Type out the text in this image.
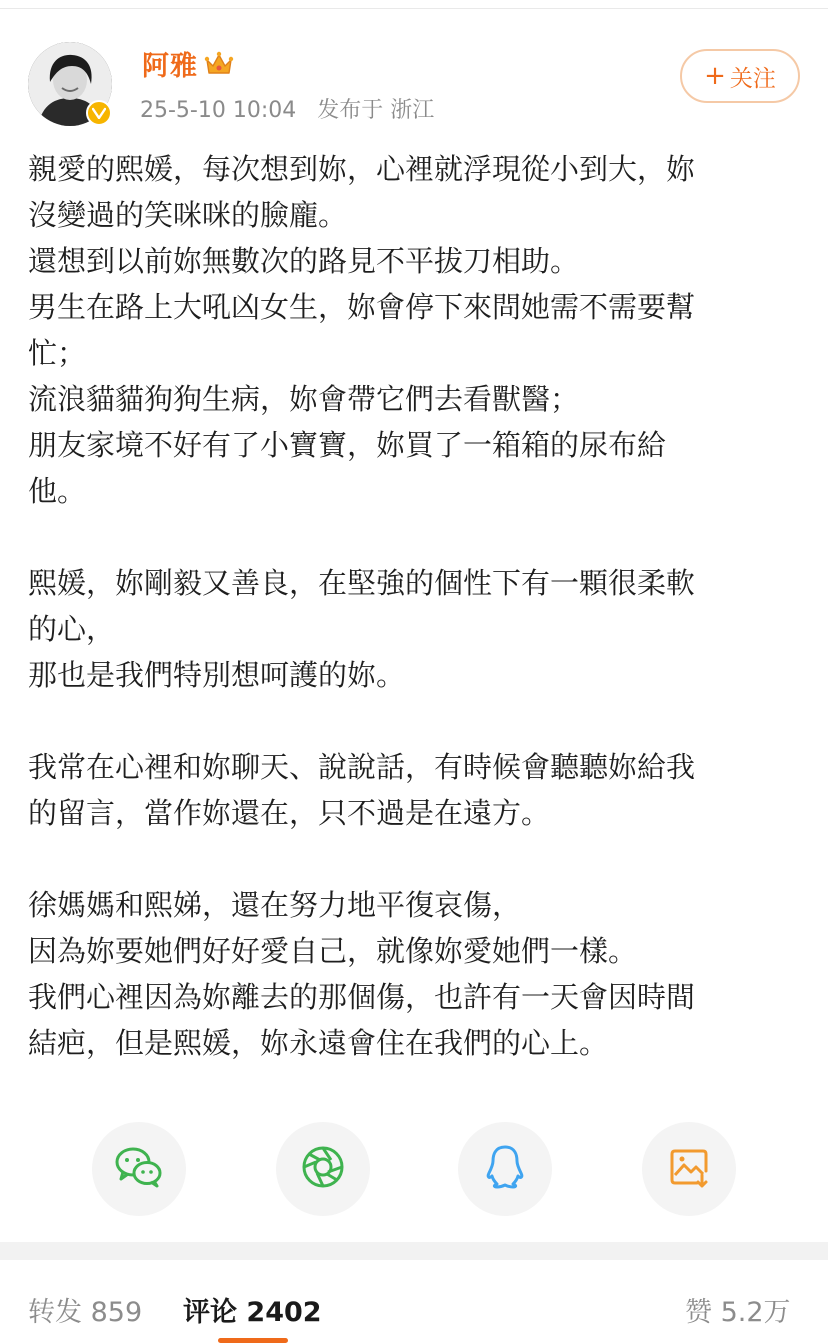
阿雅
25-5-10 10:04 发布于 浙江
+ 关注

親愛的熙媛，每次想到妳，心裡就浮現從小到大，妳

沒變過的笑咪咪的臉龐。

還想到以前妳無數次的路見不平拔刀相助。

男生在路上大吼凶女生，妳會停下來問她需不需要幫

忙；

流浪貓貓狗狗生病，妳會帶它們去看獸醫；

朋友家境不好有了小寶寶，妳買了一箱箱的尿布給

他。

熙媛，妳剛毅又善良，在堅強的個性下有一顆很柔軟

的心，

那也是我們特別想呵護的妳。

我常在心裡和妳聊天、說說話，有時候會聽聽妳給我

的留言，當作妳還在，只不過是在遠方。

徐媽媽和熙娣，還在努力地平復哀傷，

因為妳要她們好好愛自己，就像妳愛她們一樣。

我們心裡因為妳離去的那個傷，也許有一天會因時間

結疤，但是熙媛，妳永遠會住在我們的心上。

转发 859 评论 2402	赞 5.2万
